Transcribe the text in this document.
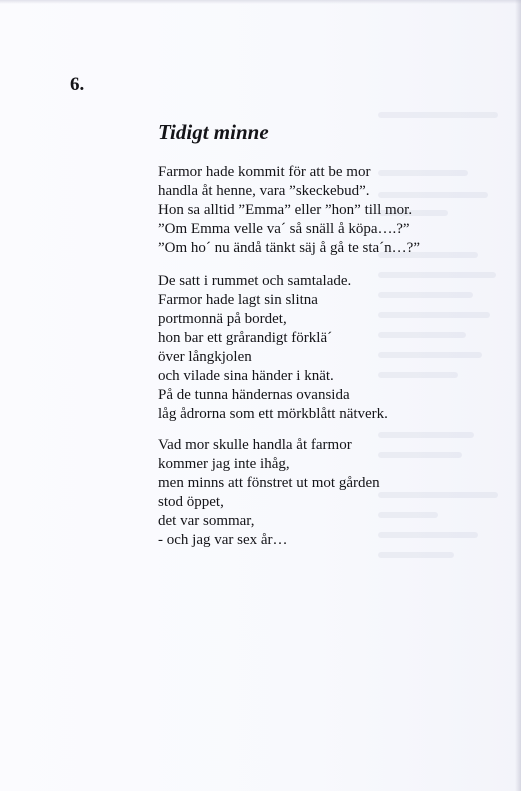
6.
Tidigt minne
Farmor hade kommit för att be mor
handla åt henne, vara ”skeckebud”.
Hon sa alltid ”Emma” eller ”hon” till mor.
”Om Emma velle va´ så snäll å köpa….?”
”Om ho´ nu ändå tänkt säj å gå te sta´n…?”
De satt i rummet och samtalade.
Farmor hade lagt sin slitna
portmonnä på bordet,
hon bar ett grårandigt förklä´
över långkjolen
och vilade sina händer i knät.
På de tunna händernas ovansida
låg ådrorna som ett mörkblått nätverk.
Vad mor skulle handla åt farmor
kommer jag inte ihåg,
men minns att fönstret ut mot gården
stod öppet,
det var sommar,
- och jag var sex år…
